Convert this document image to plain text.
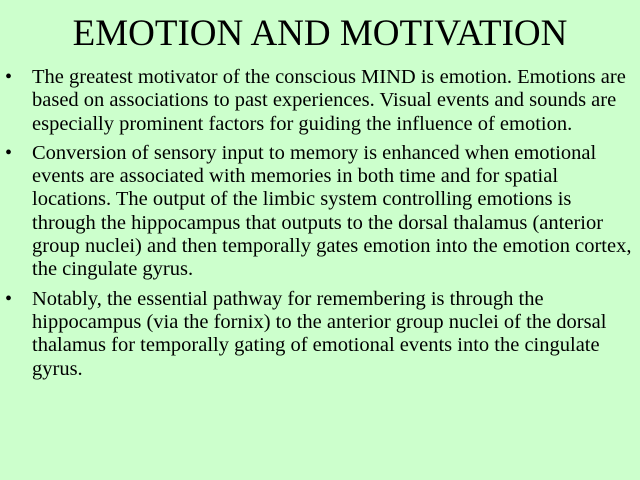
EMOTION AND MOTIVATION
• The greatest motivator of the conscious MIND is emotion. Emotions are based on associations to past experiences. Visual events and sounds are especially prominent factors for guiding the influence of emotion.
• Conversion of sensory input to memory is enhanced when emotional events are associated with memories in both time and for spatial locations. The output of the limbic system controlling emotions is through the hippocampus that outputs to the dorsal thalamus (anterior group nuclei) and then temporally gates emotion into the emotion cortex, the cingulate gyrus.
• Notably, the essential pathway for remembering is through the hippocampus (via the fornix) to the anterior group nuclei of the dorsal thalamus for temporally gating of emotional events into the cingulate gyrus.
